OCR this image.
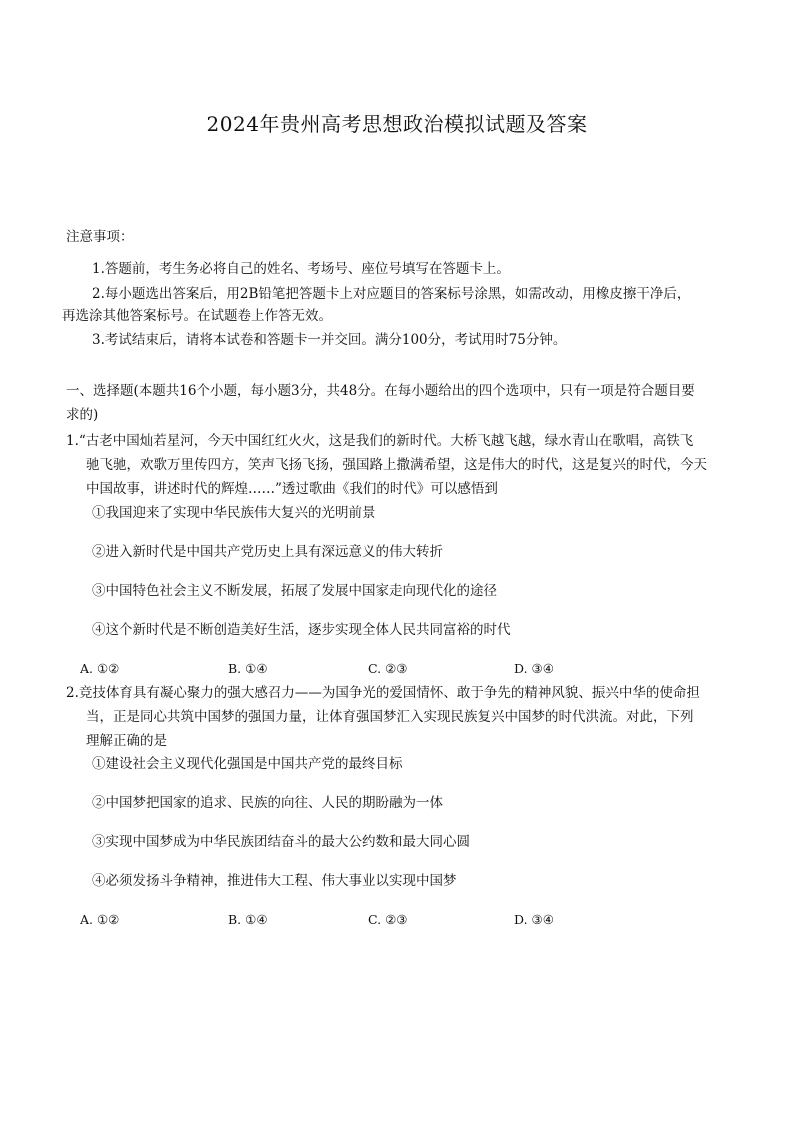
2024年贵州高考思想政治模拟试题及答案
注意事项：
1.答题前，考生务必将自己的姓名、考场号、座位号填写在答题卡上。
2.每小题选出答案后，用2B铅笔把答题卡上对应题目的答案标号涂黑，如需改动，用橡皮擦干净后，
再选涂其他答案标号。在试题卷上作答无效。
3.考试结束后，请将本试卷和答题卡一并交回。满分100分，考试用时75分钟。
一、选择题(本题共16个小题，每小题3分，共48分。在每小题给出的四个选项中，只有一项是符合题目要
求的)
1.“古老中国灿若星河，今天中国红红火火，这是我们的新时代。大桥飞越飞越，绿水青山在歌唱，高铁飞
驰飞驰，欢歌万里传四方，笑声飞扬飞扬，强国路上撒满希望，这是伟大的时代，这是复兴的时代，今天
中国故事，讲述时代的辉煌……”透过歌曲《我们的时代》可以感悟到
①我国迎来了实现中华民族伟大复兴的光明前景
②进入新时代是中国共产党历史上具有深远意义的伟大转折
③中国特色社会主义不断发展，拓展了发展中国家走向现代化的途径
④这个新时代是不断创造美好生活，逐步实现全体人民共同富裕的时代
A. ①②	B. ①④	C. ②③	D. ③④
2.竞技体育具有凝心聚力的强大感召力——为国争光的爱国情怀、敢于争先的精神风貌、振兴中华的使命担
当，正是同心共筑中国梦的强国力量，让体育强国梦汇入实现民族复兴中国梦的时代洪流。对此，下列
理解正确的是
①建设社会主义现代化强国是中国共产党的最终目标
②中国梦把国家的追求、民族的向往、人民的期盼融为一体
③实现中国梦成为中华民族团结奋斗的最大公约数和最大同心圆
④必须发扬斗争精神，推进伟大工程、伟大事业以实现中国梦
A. ①②	B. ①④	C. ②③	D. ③④
